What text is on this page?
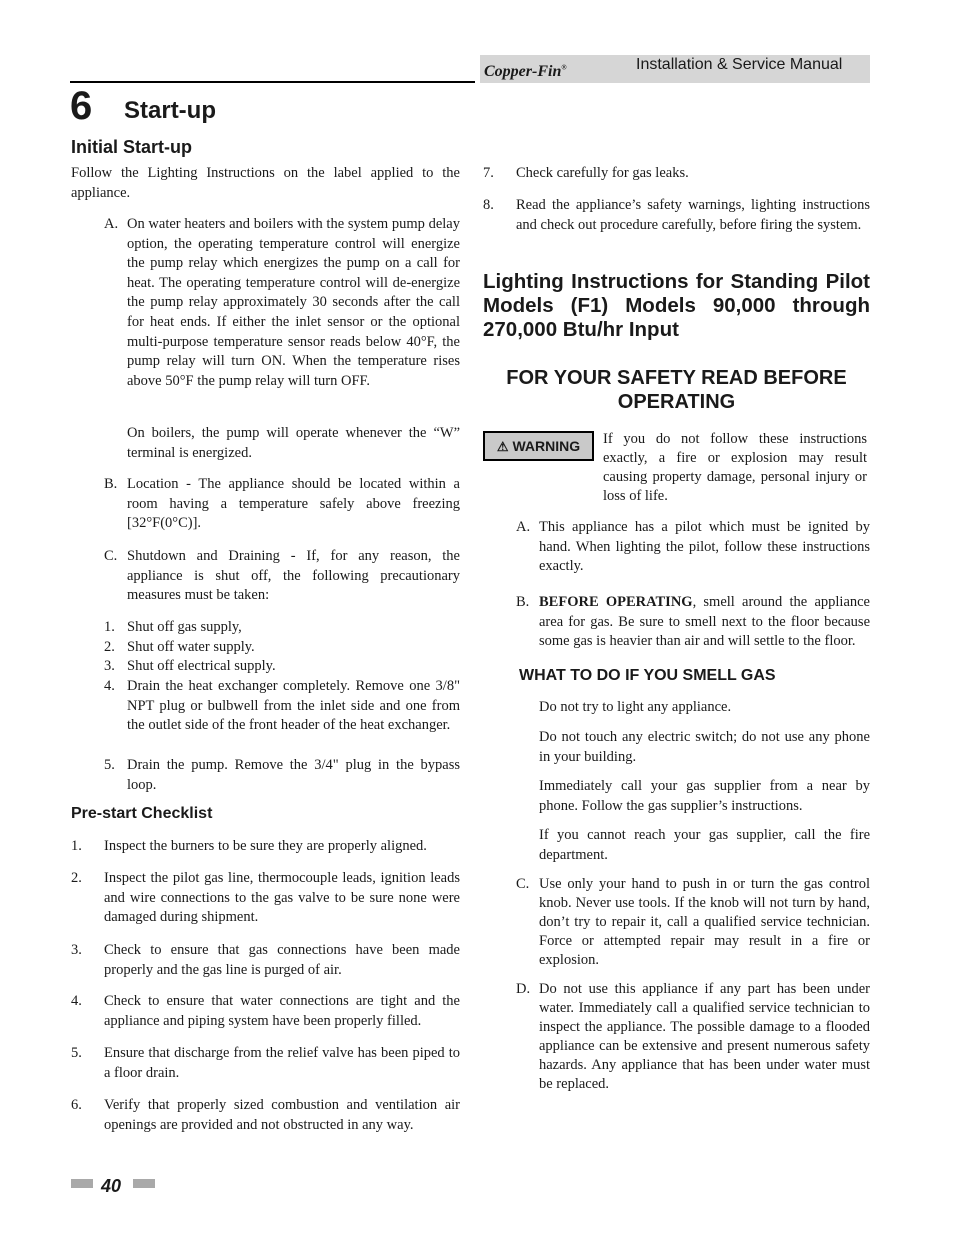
Copper-Fin®	Installation & Service Manual
6 Start-up
Initial Start-up
Follow the Lighting Instructions on the label applied to the appliance.
A. On water heaters and boilers with the system pump delay option, the operating temperature control will energize the pump relay which energizes the pump on a call for heat. The operating temperature control will de-energize the pump relay approximately 30 seconds after the call for heat ends. If either the inlet sensor or the optional multi-purpose temperature sensor reads below 40°F, the pump relay will turn ON. When the temperature rises above 50°F the pump relay will turn OFF.
On boilers, the pump will operate whenever the “W” terminal is energized.
B. Location - The appliance should be located within a room having a temperature safely above freezing [32°F(0°C)].
C. Shutdown and Draining - If, for any reason, the appliance is shut off, the following precautionary measures must be taken:
1. Shut off gas supply,
2. Shut off water supply.
3. Shut off electrical supply.
4. Drain the heat exchanger completely. Remove one 3/8" NPT plug or bulbwell from the inlet side and one from the outlet side of the front header of the heat exchanger.
5. Drain the pump. Remove the 3/4" plug in the bypass loop.
Pre-start Checklist
1. Inspect the burners to be sure they are properly aligned.
2. Inspect the pilot gas line, thermocouple leads, ignition leads and wire connections to the gas valve to be sure none were damaged during shipment.
3. Check to ensure that gas connections have been made properly and the gas line is purged of air.
4. Check to ensure that water connections are tight and the appliance and piping system have been properly filled.
5. Ensure that discharge from the relief valve has been piped to a floor drain.
6. Verify that properly sized combustion and ventilation air openings are provided and not obstructed in any way.
7. Check carefully for gas leaks.
8. Read the appliance’s safety warnings, lighting instructions and check out procedure carefully, before firing the system.
Lighting Instructions for Standing Pilot Models (F1) Models 90,000 through 270,000 Btu/hr Input
FOR YOUR SAFETY READ BEFORE OPERATING
⚠ WARNING	If you do not follow these instructions exactly, a fire or explosion may result causing property damage, personal injury or loss of life.
A. This appliance has a pilot which must be ignited by hand. When lighting the pilot, follow these instructions exactly.
B. BEFORE OPERATING, smell around the appliance area for gas. Be sure to smell next to the floor because some gas is heavier than air and will settle to the floor.
WHAT TO DO IF YOU SMELL GAS
Do not try to light any appliance.
Do not touch any electric switch; do not use any phone in your building.
Immediately call your gas supplier from a near by phone. Follow the gas supplier’s instructions.
If you cannot reach your gas supplier, call the fire department.
C. Use only your hand to push in or turn the gas control knob. Never use tools. If the knob will not turn by hand, don’t try to repair it, call a qualified service technician. Force or attempted repair may result in a fire or explosion.
D. Do not use this appliance if any part has been under water. Immediately call a qualified service technician to inspect the appliance. The possible damage to a flooded appliance can be extensive and present numerous safety hazards. Any appliance that has been under water must be replaced.
40
